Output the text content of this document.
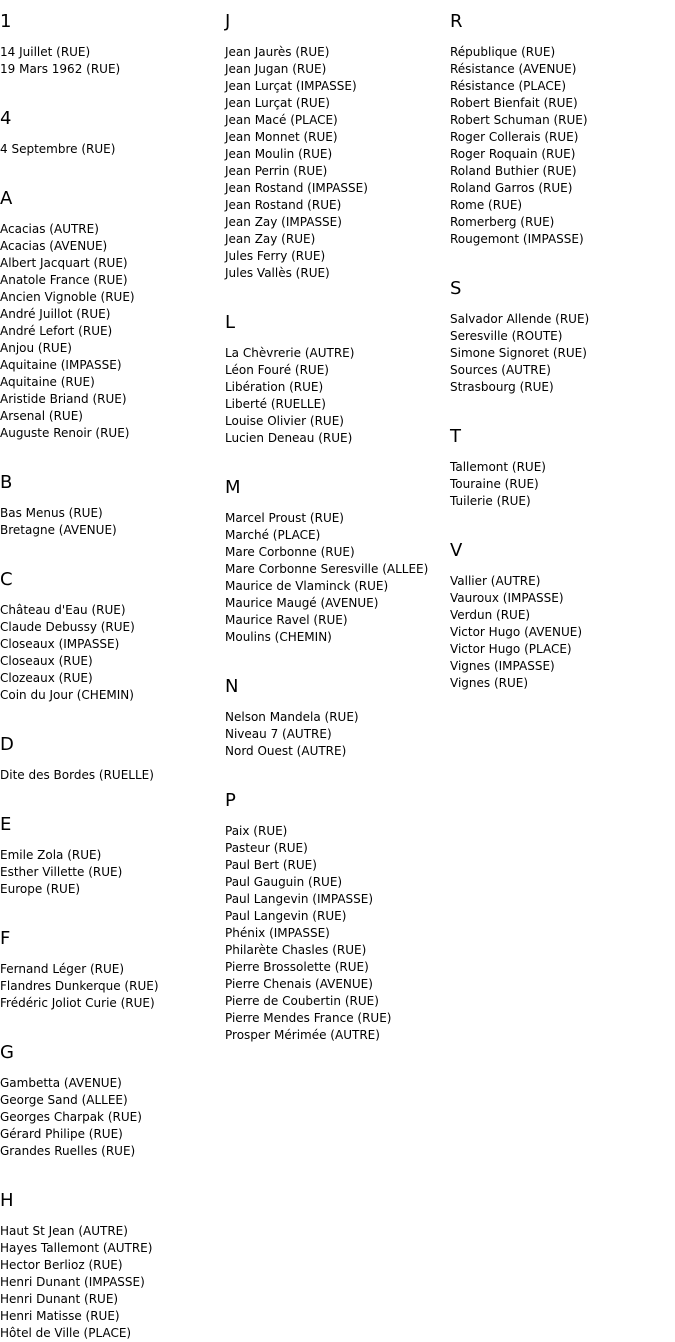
1
14 Juillet (RUE)
19 Mars 1962 (RUE)
4
4 Septembre (RUE)
A
Acacias (AUTRE)
Acacias (AVENUE)
Albert Jacquart (RUE)
Anatole France (RUE)
Ancien Vignoble (RUE)
André Juillot (RUE)
André Lefort (RUE)
Anjou (RUE)
Aquitaine (IMPASSE)
Aquitaine (RUE)
Aristide Briand (RUE)
Arsenal (RUE)
Auguste Renoir (RUE)
B
Bas Menus (RUE)
Bretagne (AVENUE)
C
Château d'Eau (RUE)
Claude Debussy (RUE)
Closeaux (IMPASSE)
Closeaux (RUE)
Clozeaux (RUE)
Coin du Jour (CHEMIN)
D
Dite des Bordes (RUELLE)
E
Emile Zola (RUE)
Esther Villette (RUE)
Europe (RUE)
F
Fernand Léger (RUE)
Flandres Dunkerque (RUE)
Frédéric Joliot Curie (RUE)
G
Gambetta (AVENUE)
George Sand (ALLEE)
Georges Charpak (RUE)
Gérard Philipe (RUE)
Grandes Ruelles (RUE)
H
Haut St Jean (AUTRE)
Hayes Tallemont (AUTRE)
Hector Berlioz (RUE)
Henri Dunant (IMPASSE)
Henri Dunant (RUE)
Henri Matisse (RUE)
Hôtel de Ville (PLACE)
J
Jean Jaurès (RUE)
Jean Jugan (RUE)
Jean Lurçat (IMPASSE)
Jean Lurçat (RUE)
Jean Macé (PLACE)
Jean Monnet (RUE)
Jean Moulin (RUE)
Jean Perrin (RUE)
Jean Rostand (IMPASSE)
Jean Rostand (RUE)
Jean Zay (IMPASSE)
Jean Zay (RUE)
Jules Ferry (RUE)
Jules Vallès (RUE)
L
La Chèvrerie (AUTRE)
Léon Fouré (RUE)
Libération (RUE)
Liberté (RUELLE)
Louise Olivier (RUE)
Lucien Deneau (RUE)
M
Marcel Proust (RUE)
Marché (PLACE)
Mare Corbonne (RUE)
Mare Corbonne Seresville (ALLEE)
Maurice de Vlaminck (RUE)
Maurice Maugé (AVENUE)
Maurice Ravel (RUE)
Moulins (CHEMIN)
N
Nelson Mandela (RUE)
Niveau 7 (AUTRE)
Nord Ouest (AUTRE)
P
Paix (RUE)
Pasteur (RUE)
Paul Bert (RUE)
Paul Gauguin (RUE)
Paul Langevin (IMPASSE)
Paul Langevin (RUE)
Phénix (IMPASSE)
Philarète Chasles (RUE)
Pierre Brossolette (RUE)
Pierre Chenais (AVENUE)
Pierre de Coubertin (RUE)
Pierre Mendes France (RUE)
Prosper Mérimée (AUTRE)
R
République (RUE)
Résistance (AVENUE)
Résistance (PLACE)
Robert Bienfait (RUE)
Robert Schuman (RUE)
Roger Collerais (RUE)
Roger Roquain (RUE)
Roland Buthier (RUE)
Roland Garros (RUE)
Rome (RUE)
Romerberg (RUE)
Rougemont (IMPASSE)
S
Salvador Allende (RUE)
Seresville (ROUTE)
Simone Signoret (RUE)
Sources (AUTRE)
Strasbourg (RUE)
T
Tallemont (RUE)
Touraine (RUE)
Tuilerie (RUE)
V
Vallier (AUTRE)
Vauroux (IMPASSE)
Verdun (RUE)
Victor Hugo (AVENUE)
Victor Hugo (PLACE)
Vignes (IMPASSE)
Vignes (RUE)
